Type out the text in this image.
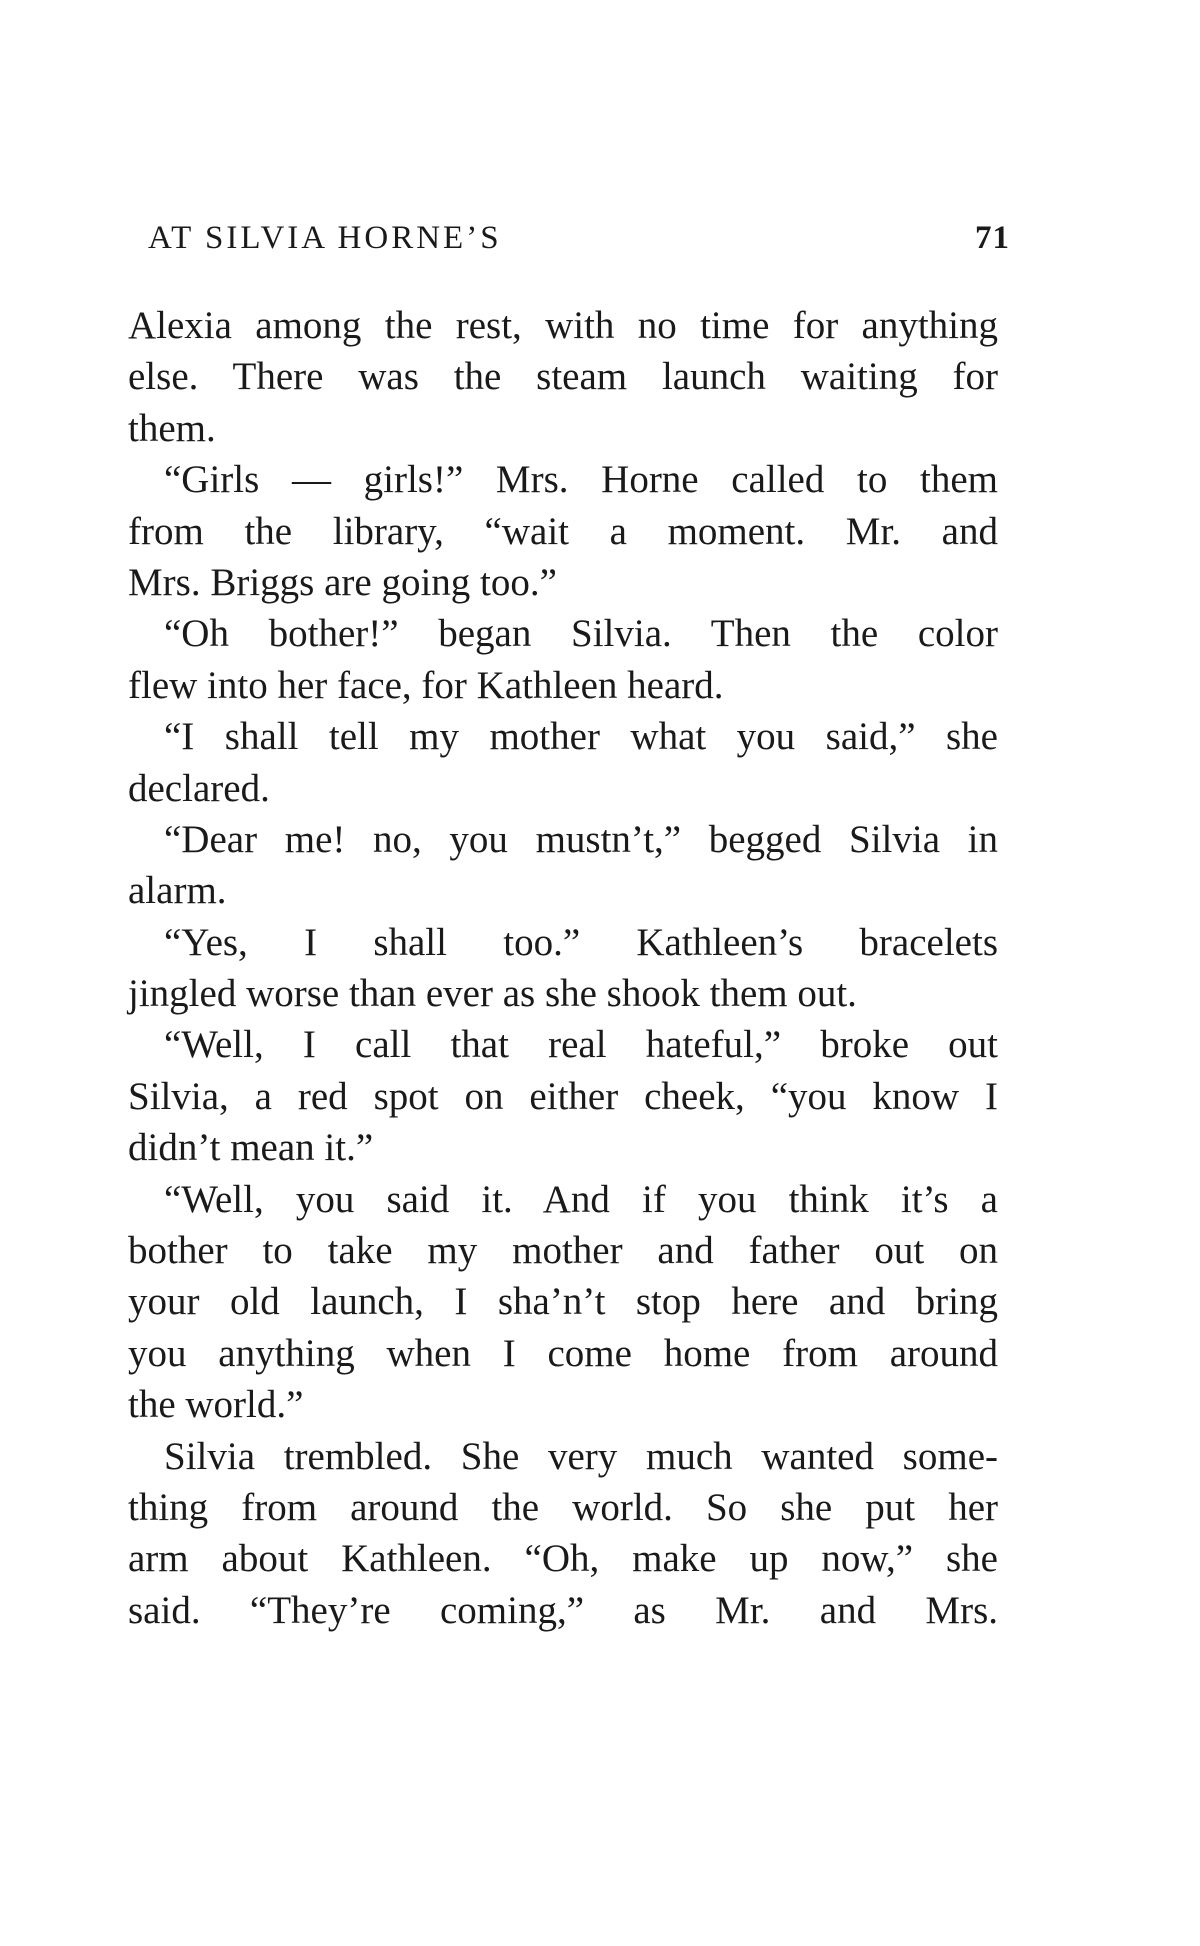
AT SILVIA HORNE’S	71
Alexia among the rest, with no time for anything
else. There was the steam launch waiting for
them.
“Girls — girls!” Mrs. Horne called to them
from the library, “wait a moment. Mr. and
Mrs. Briggs are going too.”
“Oh bother!” began Silvia. Then the color
flew into her face, for Kathleen heard.
“I shall tell my mother what you said,” she
declared.
“Dear me! no, you mustn’t,” begged Silvia in
alarm.
“Yes, I shall too.” Kathleen’s bracelets
jingled worse than ever as she shook them out.
“Well, I call that real hateful,” broke out
Silvia, a red spot on either cheek, “you know I
didn’t mean it.”
“Well, you said it. And if you think it’s a
bother to take my mother and father out on
your old launch, I sha’n’t stop here and bring
you anything when I come home from around
the world.”
Silvia trembled. She very much wanted some-
thing from around the world. So she put her
arm about Kathleen. “Oh, make up now,” she
said. “They’re coming,” as Mr. and Mrs.
